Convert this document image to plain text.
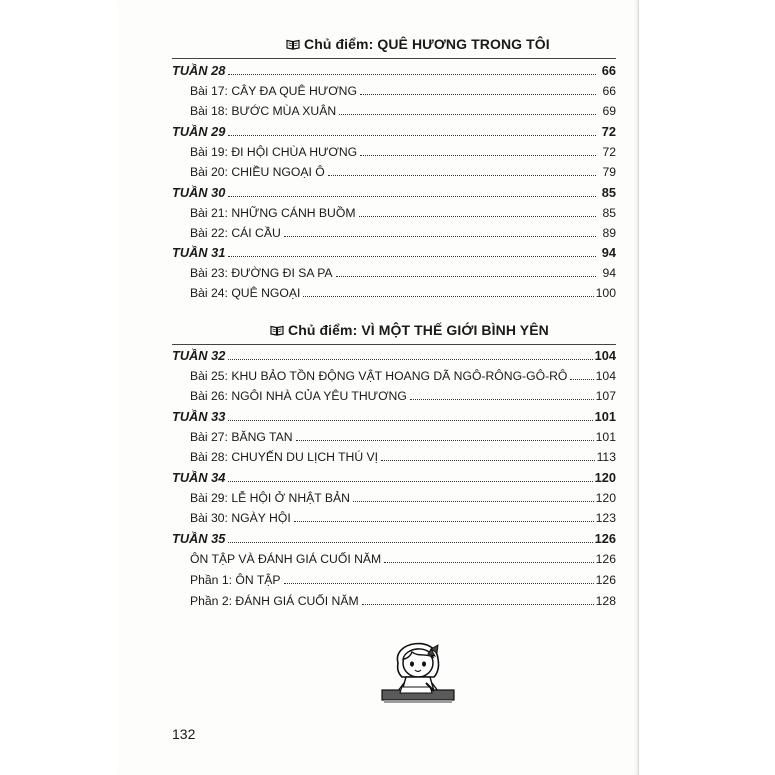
Chủ điểm: QUÊ HƯƠNG TRONG TÔI
TUẦN 28	66
Bài 17: CÂY ĐA QUÊ HƯƠNG	66
Bài 18: BƯỚC MÙA XUÂN	69
TUẦN 29	72
Bài 19: ĐI HỘI CHÙA HƯƠNG	72
Bài 20: CHIỀU NGOẠI Ô	79
TUẦN 30	85
Bài 21: NHỮNG CÁNH BUỒM	85
Bài 22: CÁI CẦU	89
TUẦN 31	94
Bài 23: ĐƯỜNG ĐI SA PA	94
Bài 24: QUÊ NGOẠI	100
Chủ điểm: VÌ MỘT THẾ GIỚI BÌNH YÊN
TUẦN 32	104
Bài 25: KHU BẢO TỒN ĐỘNG VẬT HOANG DÃ NGÔ-RÔNG-GÔ-RÔ 104
Bài 26: NGÔI NHÀ CỦA YÊU THƯƠNG	107
TUẦN 33	101
Bài 27: BĂNG TAN	101
Bài 28: CHUYẾN DU LỊCH THÚ VỊ	113
TUẦN 34	120
Bài 29: LỄ HỘI Ở NHẬT BẢN	120
Bài 30: NGÀY HỘI	123
TUẦN 35	126
ÔN TẬP VÀ ĐÁNH GIÁ CUỐI NĂM	126
Phần 1: ÔN TẬP	126
Phần 2: ĐÁNH GIÁ CUỐI NĂM	128
132
